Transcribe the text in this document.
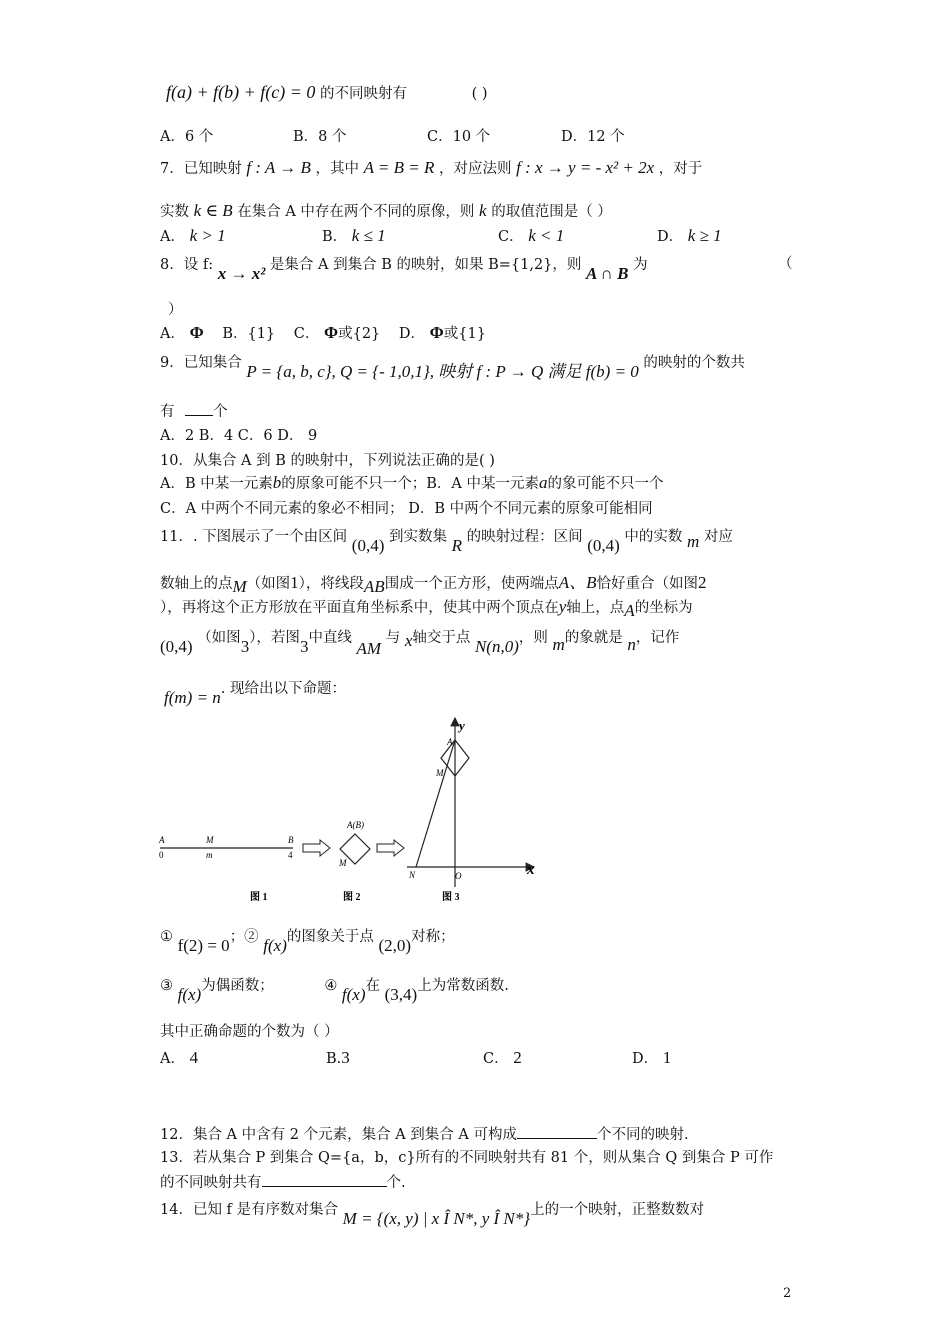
f(a) + f(b) + f(c) = 0 的不同映射有	( )
A．6 个	B．8 个	C．10 个	D．12 个
7．已知映射 f : A → B ，其中 A = B = R ，对应法则 f : x → y = - x² + 2x ，对于
实数 k ∈ B 在集合 A 中存在两个不同的原像，则 k 的取值范围是（ ）
A． k > 1	B． k ≤ 1	C． k < 1	D． k ≥ 1
8．设 f: x → x² 是集合 A 到集合 B 的映射，如果 B={1,2}，则 A ∩ B 为	（
）
A． Φ B．{1} C． Φ或{2} D． Φ或{1}
9．已知集合 P = {a, b, c}, Q = {- 1,0,1}, 映射 f : P → Q 满足 f(b) = 0 的映射的个数共
有	个
A．2 B．4 C．6 D． 9
10．从集合 A 到 B 的映射中，下列说法正确的是( )
A．B 中某一元素b的原象可能不只一个；B．A 中某一元素a的象可能不只一个
C．A 中两个不同元素的象必不相同； D．B 中两个不同元素的原象可能相同
11．. 下图展示了一个由区间 (0,4) 到实数集 R 的映射过程：区间 (0,4) 中的实数 m 对应
数轴上的点M（如图1），将线段AB围成一个正方形，使两端点A、B恰好重合（如图2
），再将这个正方形放在平面直角坐标系中，使其中两个顶点在y轴上，点A的坐标为
(0,4) （如图3），若图3中直线 AM 与 x轴交于点 N(n,0)，则 m的象就是 n，记作
f(m) = n. 现给出以下命题：
A	M	B
0	m	4
图 1
A(B)
M
图 2
y
x
A
M
N	O
图 3
① f(2) = 0；② f(x)的图象关于点 (2,0)对称；
③ f(x)为偶函数；	④ f(x)在 (3,4)上为常数函数.
其中正确命题的个数为（ ）
A． 4	B.3	C． 2	D． 1
12．集合 A 中含有 2 个元素，集合 A 到集合 A 可构成	个不同的映射.
13．若从集合 P 到集合 Q={a，b，c}所有的不同映射共有 81 个，则从集合 Q 到集合 P 可作
的不同映射共有	个.
14．已知 f 是有序数对集合 M = {(x, y) | x Î N*, y Î N*}上的一个映射，正整数数对
2
